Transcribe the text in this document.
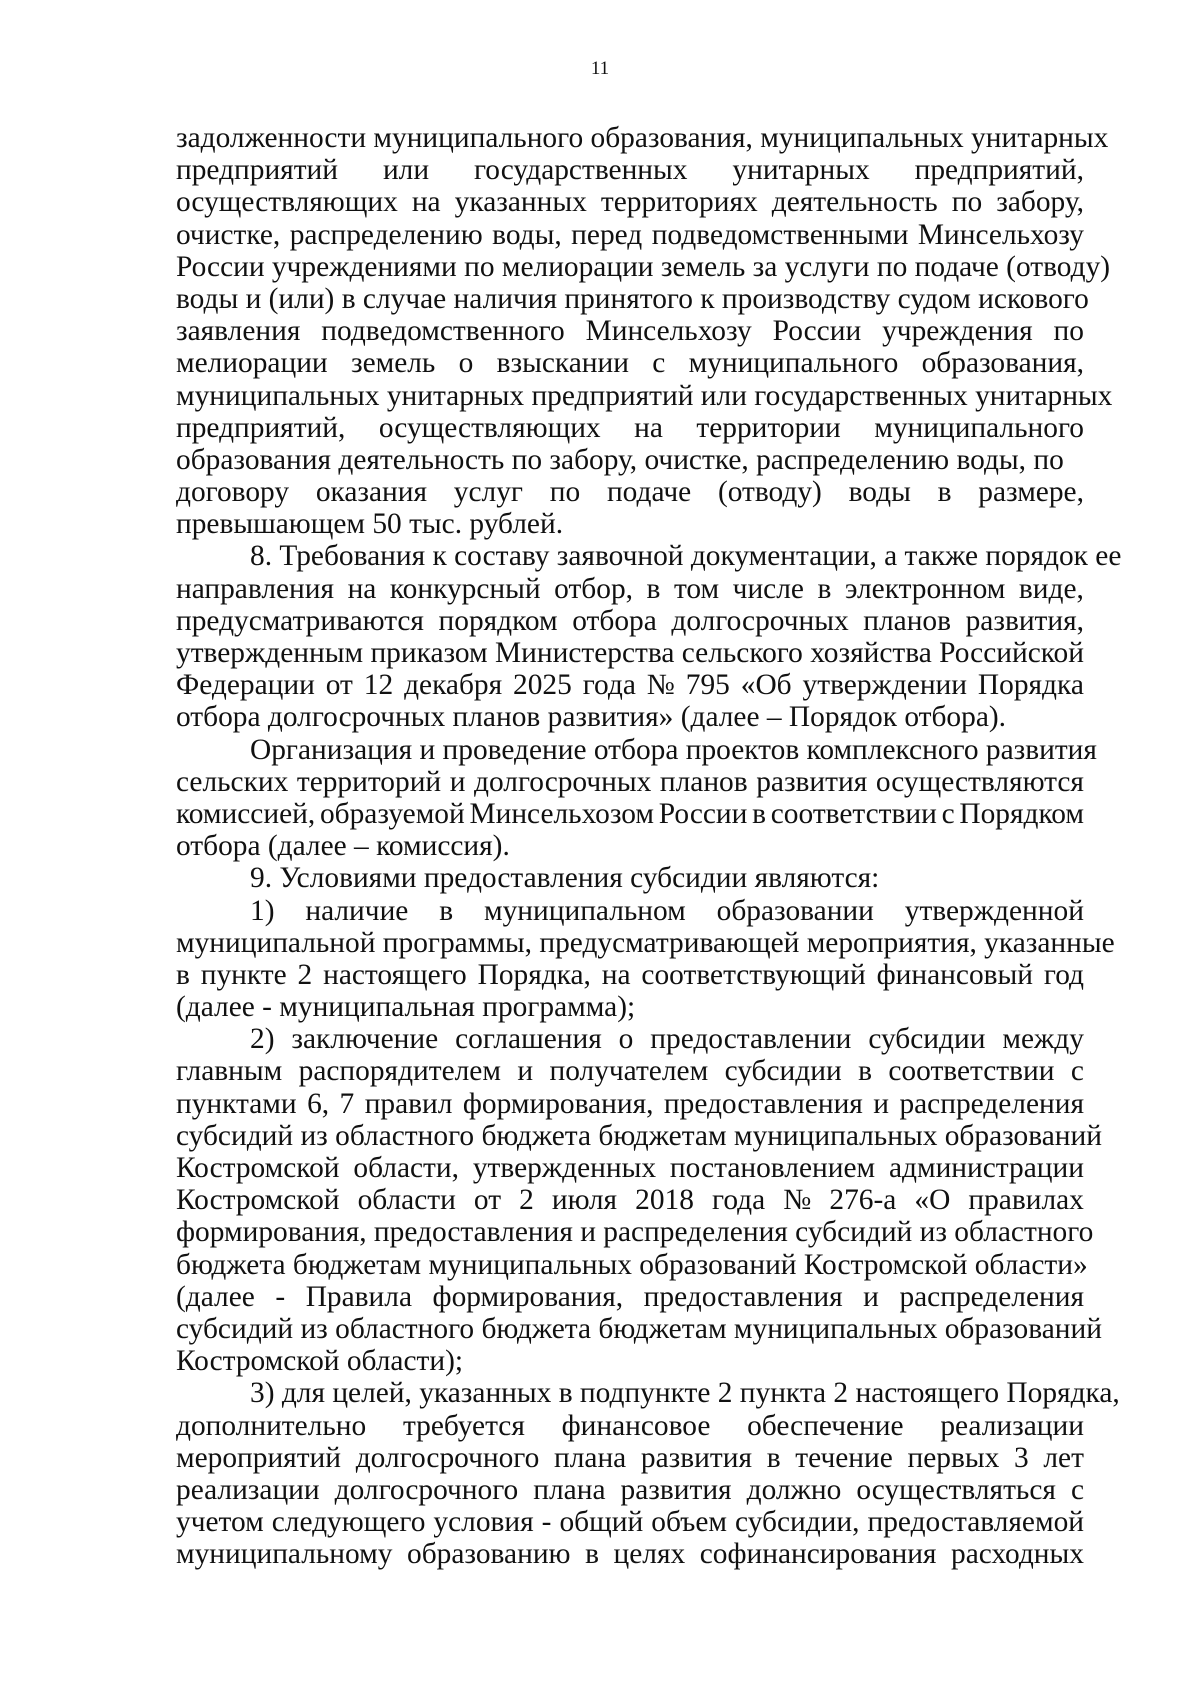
11
задолженности муниципального образования, муниципальных унитарных
предприятий или государственных унитарных предприятий,
осуществляющих на указанных территориях деятельность по забору,
очистке, распределению воды, перед подведомственными Минсельхозу
России учреждениями по мелиорации земель за услуги по подаче (отводу)
воды и (или) в случае наличия принятого к производству судом искового
заявления подведомственного Минсельхозу России учреждения по
мелиорации земель о взыскании с муниципального образования,
муниципальных унитарных предприятий или государственных унитарных
предприятий, осуществляющих на территории муниципального
образования деятельность по забору, очистке, распределению воды, по
договору оказания услуг по подаче (отводу) воды в размере,
превышающем 50 тыс. рублей.
8. Требования к составу заявочной документации, а также порядок ее
направления на конкурсный отбор, в том числе в электронном виде,
предусматриваются порядком отбора долгосрочных планов развития,
утвержденным приказом Министерства сельского хозяйства Российской
Федерации от 12 декабря 2025 года № 795 «Об утверждении Порядка
отбора долгосрочных планов развития» (далее – Порядок отбора).
Организация и проведение отбора проектов комплексного развития
сельских территорий и долгосрочных планов развития осуществляются
комиссией, образуемой Минсельхозом России в соответствии с Порядком
отбора (далее – комиссия).
9. Условиями предоставления субсидии являются:
1) наличие в муниципальном образовании утвержденной
муниципальной программы, предусматривающей мероприятия, указанные
в пункте 2 настоящего Порядка, на соответствующий финансовый год
(далее - муниципальная программа);
2) заключение соглашения о предоставлении субсидии между
главным распорядителем и получателем субсидии в соответствии с
пунктами 6, 7 правил формирования, предоставления и распределения
субсидий из областного бюджета бюджетам муниципальных образований
Костромской области, утвержденных постановлением администрации
Костромской области от 2 июля 2018 года № 276-а «О правилах
формирования, предоставления и распределения субсидий из областного
бюджета бюджетам муниципальных образований Костромской области»
(далее - Правила формирования, предоставления и распределения
субсидий из областного бюджета бюджетам муниципальных образований
Костромской области);
3) для целей, указанных в подпункте 2 пункта 2 настоящего Порядка,
дополнительно требуется финансовое обеспечение реализации
мероприятий долгосрочного плана развития в течение первых 3 лет
реализации долгосрочного плана развития должно осуществляться с
учетом следующего условия - общий объем субсидии, предоставляемой
муниципальному образованию в целях софинансирования расходных
